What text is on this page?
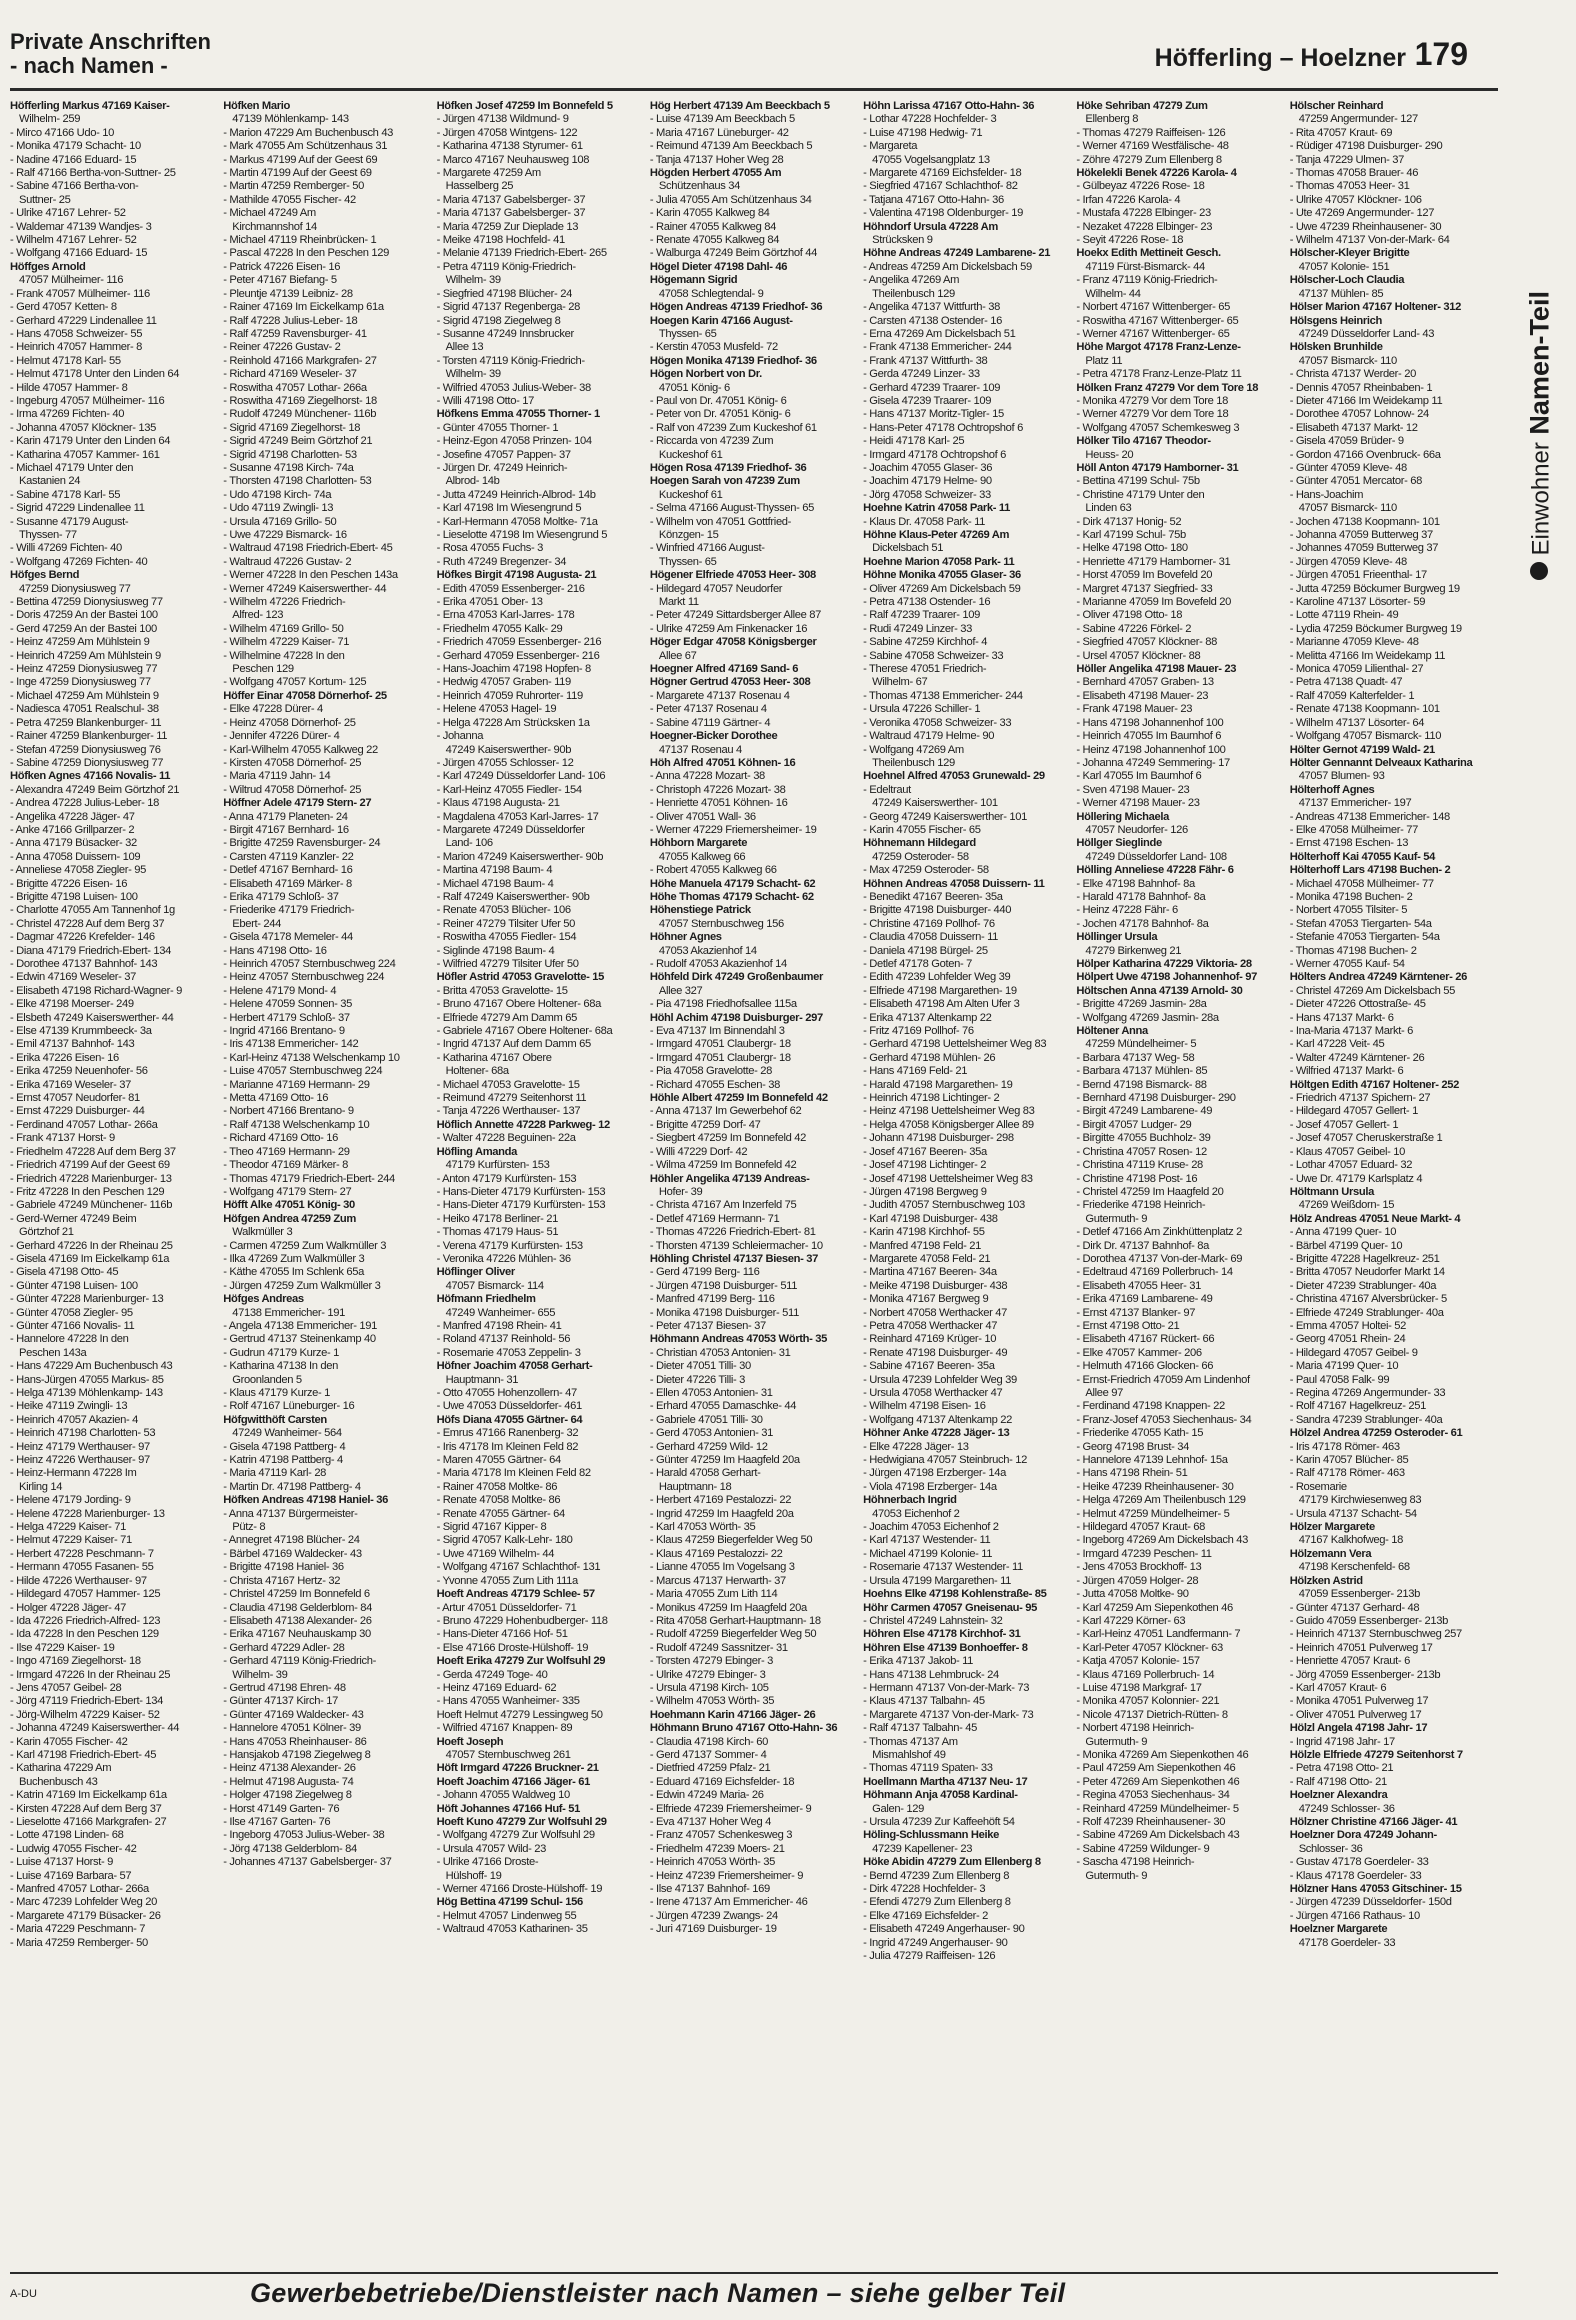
Private Anschriften
- nach Namen -	Höfferling – Hoelzner 179
Einwohner Namen-Teil
Höfferling Markus 47169 Kaiser-
Wilhelm- 259
- Mirco 47166 Udo- 10
- Monika 47179 Schacht- 10
- Nadine 47166 Eduard- 15
- Ralf 47166 Bertha-von-Suttner- 25
- Sabine 47166 Bertha-von-
Suttner- 25
- Ulrike 47167 Lehrer- 52
- Waldemar 47139 Wandjes- 3
- Wilhelm 47167 Lehrer- 52
- Wolfgang 47166 Eduard- 15
Höffges Arnold
47057 Mülheimer- 116
- Frank 47057 Mülheimer- 116
- Gerd 47057 Ketten- 8
- Gerhard 47229 Lindenallee 11
- Hans 47058 Schweizer- 55
- Heinrich 47057 Hammer- 8
- Helmut 47178 Karl- 55
- Helmut 47178 Unter den Linden 64
- Hilde 47057 Hammer- 8
- Ingeburg 47057 Mülheimer- 116
- Irma 47269 Fichten- 40
- Johanna 47057 Klöckner- 135
- Karin 47179 Unter den Linden 64
- Katharina 47057 Kammer- 161
- Michael 47179 Unter den
Kastanien 24
- Sabine 47178 Karl- 55
- Sigrid 47229 Lindenallee 11
- Susanne 47179 August-
Thyssen- 77
- Willi 47269 Fichten- 40
- Wolfgang 47269 Fichten- 40
Höfges Bernd
47259 Dionysiusweg 77
- Bettina 47259 Dionysiusweg 77
- Doris 47259 An der Bastei 100
- Gerd 47259 An der Bastei 100
- Heinz 47259 Am Mühlstein 9
- Heinrich 47259 Am Mühlstein 9
- Heinz 47259 Dionysiusweg 77
- Inge 47259 Dionysiusweg 77
- Michael 47259 Am Mühlstein 9
- Nadiesca 47051 Realschul- 38
- Petra 47259 Blankenburger- 11
- Rainer 47259 Blankenburger- 11
- Stefan 47259 Dionysiusweg 76
- Sabine 47259 Dionysiusweg 77
Höfken Agnes 47166 Novalis- 11
- Alexandra 47249 Beim Görtzhof 21
- Andrea 47228 Julius-Leber- 18
- Angelika 47228 Jäger- 47
- Anke 47166 Grillparzer- 2
- Anna 47179 Büsacker- 32
- Anna 47058 Duissern- 109
- Anneliese 47058 Ziegler- 95
- Brigitte 47226 Eisen- 16
- Brigitte 47198 Luisen- 100
- Charlotte 47055 Am Tannenhof 1g
- Christel 47228 Auf dem Berg 37
- Dagmar 47226 Krefelder- 146
- Diana 47179 Friedrich-Ebert- 134
- Dorothee 47137 Bahnhof- 143
- Edwin 47169 Weseler- 37
- Elisabeth 47198 Richard-Wagner- 9
- Elke 47198 Moerser- 249
- Elsbeth 47249 Kaiserswerther- 44
- Else 47139 Krummbeeck- 3a
- Emil 47137 Bahnhof- 143
- Erika 47226 Eisen- 16
- Erika 47259 Neuenhofer- 56
- Erika 47169 Weseler- 37
- Ernst 47057 Neudorfer- 81
- Ernst 47229 Duisburger- 44
- Ferdinand 47057 Lothar- 266a
- Frank 47137 Horst- 9
- Friedhelm 47228 Auf dem Berg 37
- Friedrich 47199 Auf der Geest 69
- Friedrich 47228 Marienburger- 13
- Fritz 47228 In den Peschen 129
- Gabriele 47249 Münchener- 116b
- Gerd-Werner 47249 Beim
Görtzhof 21
- Gerhard 47226 In der Rheinau 25
- Gisela 47169 Im Eickelkamp 61a
- Gisela 47198 Otto- 45
- Günter 47198 Luisen- 100
- Günter 47228 Marienburger- 13
- Günter 47058 Ziegler- 95
- Günter 47166 Novalis- 11
- Hannelore 47228 In den
Peschen 143a
- Hans 47229 Am Buchenbusch 43
- Hans-Jürgen 47055 Markus- 85
- Helga 47139 Möhlenkamp- 143
- Heike 47119 Zwingli- 13
- Heinrich 47057 Akazien- 4
- Heinrich 47198 Charlotten- 53
- Heinz 47179 Werthauser- 97
- Heinz 47226 Werthauser- 97
- Heinz-Hermann 47228 Im
Kirling 14
- Helene 47179 Jording- 9
- Helene 47228 Marienburger- 13
- Helga 47229 Kaiser- 71
- Helmut 47229 Kaiser- 71
- Herbert 47228 Peschmann- 7
- Hermann 47055 Fasanen- 55
- Hilde 47226 Werthauser- 97
- Hildegard 47057 Hammer- 125
- Holger 47228 Jäger- 47
- Ida 47226 Friedrich-Alfred- 123
- Ida 47228 In den Peschen 129
- Ilse 47229 Kaiser- 19
- Ingo 47169 Ziegelhorst- 18
- Irmgard 47226 In der Rheinau 25
- Jens 47057 Geibel- 28
- Jörg 47119 Friedrich-Ebert- 134
- Jörg-Wilhelm 47229 Kaiser- 52
- Johanna 47249 Kaiserswerther- 44
- Karin 47055 Fischer- 42
- Karl 47198 Friedrich-Ebert- 45
- Katharina 47229 Am
Buchenbusch 43
- Katrin 47169 Im Eickelkamp 61a
- Kirsten 47228 Auf dem Berg 37
- Lieselotte 47166 Markgrafen- 27
- Lotte 47198 Linden- 68
- Ludwig 47055 Fischer- 42
- Luise 47137 Horst- 9
- Luise 47169 Barbara- 57
- Manfred 47057 Lothar- 266a
- Marc 47239 Lohfelder Weg 20
- Margarete 47179 Büsacker- 26
- Maria 47229 Peschmann- 7
- Maria 47259 Remberger- 50
Höfken Mario
47139 Möhlenkamp- 143
- Marion 47229 Am Buchenbusch 43
- Mark 47055 Am Schützenhaus 31
- Markus 47199 Auf der Geest 69
- Martin 47199 Auf der Geest 69
- Martin 47259 Remberger- 50
- Mathilde 47055 Fischer- 42
- Michael 47249 Am
Kirchmannshof 14
- Michael 47119 Rheinbrücken- 1
- Pascal 47228 In den Peschen 129
- Patrick 47226 Eisen- 16
- Peter 47167 Biefang- 5
- Pleuntje 47139 Leibniz- 28
- Rainer 47169 Im Eickelkamp 61a
- Ralf 47228 Julius-Leber- 18
- Ralf 47259 Ravensburger- 41
- Reiner 47226 Gustav- 2
- Reinhold 47166 Markgrafen- 27
- Richard 47169 Weseler- 37
- Roswitha 47057 Lothar- 266a
- Roswitha 47169 Ziegelhorst- 18
- Rudolf 47249 Münchener- 116b
- Sigrid 47169 Ziegelhorst- 18
- Sigrid 47249 Beim Görtzhof 21
- Sigrid 47198 Charlotten- 53
- Susanne 47198 Kirch- 74a
- Thorsten 47198 Charlotten- 53
- Udo 47198 Kirch- 74a
- Udo 47119 Zwingli- 13
- Ursula 47169 Grillo- 50
- Uwe 47229 Bismarck- 16
- Waltraud 47198 Friedrich-Ebert- 45
- Waltraud 47226 Gustav- 2
- Werner 47228 In den Peschen 143a
- Werner 47249 Kaiserswerther- 44
- Wilhelm 47226 Friedrich-
Alfred- 123
- Wilhelm 47169 Grillo- 50
- Wilhelm 47229 Kaiser- 71
- Wilhelmine 47228 In den
Peschen 129
- Wolfgang 47057 Kortum- 125
Höffer Einar 47058 Dörnerhof- 25
- Elke 47228 Dürer- 4
- Heinz 47058 Dörnerhof- 25
- Jennifer 47226 Dürer- 4
- Karl-Wilhelm 47055 Kalkweg 22
- Kirsten 47058 Dörnerhof- 25
- Maria 47119 Jahn- 14
- Wiltrud 47058 Dörnerhof- 25
Höffner Adele 47179 Stern- 27
- Anna 47179 Planeten- 24
- Birgit 47167 Bernhard- 16
- Brigitte 47259 Ravensburger- 24
- Carsten 47119 Kanzler- 22
- Detlef 47167 Bernhard- 16
- Elisabeth 47169 Märker- 8
- Erika 47179 Schloß- 37
- Friederike 47179 Friedrich-
Ebert- 244
- Gisela 47178 Memeler- 44
- Hans 47198 Otto- 16
- Heinrich 47057 Sternbuschweg 224
- Heinz 47057 Sternbuschweg 224
- Helene 47179 Mond- 4
- Helene 47059 Sonnen- 35
- Herbert 47179 Schloß- 37
- Ingrid 47166 Brentano- 9
- Iris 47138 Emmericher- 142
- Karl-Heinz 47138 Welschenkamp 10
- Luise 47057 Sternbuschweg 224
- Marianne 47169 Hermann- 29
- Metta 47169 Otto- 16
- Norbert 47166 Brentano- 9
- Ralf 47138 Welschenkamp 10
- Richard 47169 Otto- 16
- Theo 47169 Hermann- 29
- Theodor 47169 Märker- 8
- Thomas 47179 Friedrich-Ebert- 244
- Wolfgang 47179 Stern- 27
Höfft Alke 47051 König- 30
Höfgen Andrea 47259 Zum
Walkmüller 3
- Carmen 47259 Zum Walkmüller 3
- Ilka 47269 Zum Walkmüller 3
- Käthe 47055 Im Schlenk 65a
- Jürgen 47259 Zum Walkmüller 3
Höfges Andreas
47138 Emmericher- 191
- Angela 47138 Emmericher- 191
- Gertrud 47137 Steinenkamp 40
- Gudrun 47179 Kurze- 1
- Katharina 47138 In den
Groonlanden 5
- Klaus 47179 Kurze- 1
- Rolf 47167 Lüneburger- 16
Höfgwitthöft Carsten
47249 Wanheimer- 564
- Gisela 47198 Pattberg- 4
- Katrin 47198 Pattberg- 4
- Maria 47119 Karl- 28
- Martin Dr. 47198 Pattberg- 4
Höfken Andreas 47198 Haniel- 36
- Anna 47137 Bürgermeister-
Pütz- 8
- Annegret 47198 Blücher- 24
- Bärbel 47169 Waldecker- 43
- Brigitte 47198 Haniel- 36
- Christa 47167 Hertz- 32
- Christel 47259 Im Bonnefeld 6
- Claudia 47198 Gelderblom- 84
- Elisabeth 47138 Alexander- 26
- Erika 47167 Neuhauskamp 30
- Gerhard 47229 Adler- 28
- Gerhard 47119 König-Friedrich-
Wilhelm- 39
- Gertrud 47198 Ehren- 48
- Günter 47137 Kirch- 17
- Günter 47169 Waldecker- 43
- Hannelore 47051 Kölner- 39
- Hans 47053 Rheinhauser- 86
- Hansjakob 47198 Ziegelweg 8
- Heinz 47138 Alexander- 26
- Helmut 47198 Augusta- 74
- Holger 47198 Ziegelweg 8
- Horst 47149 Garten- 76
- Ilse 47167 Garten- 76
- Ingeborg 47053 Julius-Weber- 38
- Jörg 47138 Gelderblom- 84
- Johannes 47137 Gabelsberger- 37
Höfken Josef 47259 Im Bonnefeld 5
- Jürgen 47138 Wildmund- 9
- Jürgen 47058 Wintgens- 122
- Katharina 47138 Styrumer- 61
- Marco 47167 Neuhausweg 108
- Margarete 47259 Am
Hasselberg 25
- Maria 47137 Gabelsberger- 37
- Maria 47137 Gabelsberger- 37
- Maria 47259 Zur Dieplade 13
- Meike 47198 Hochfeld- 41
- Melanie 47139 Friedrich-Ebert- 265
- Petra 47119 König-Friedrich-
Wilhelm- 39
- Siegfried 47198 Blücher- 24
- Sigrid 47137 Regenberga- 28
- Sigrid 47198 Ziegelweg 8
- Susanne 47249 Innsbrucker
Allee 13
- Torsten 47119 König-Friedrich-
Wilhelm- 39
- Wilfried 47053 Julius-Weber- 38
- Willi 47198 Otto- 17
Höfkens Emma 47055 Thorner- 1
- Günter 47055 Thorner- 1
- Heinz-Egon 47058 Prinzen- 104
- Josefine 47057 Pappen- 37
- Jürgen Dr. 47249 Heinrich-
Albrod- 14b
- Jutta 47249 Heinrich-Albrod- 14b
- Karl 47198 Im Wiesengrund 5
- Karl-Hermann 47058 Moltke- 71a
- Lieselotte 47198 Im Wiesengrund 5
- Rosa 47055 Fuchs- 3
- Ruth 47249 Bregenzer- 34
Höfkes Birgit 47198 Augusta- 21
- Edith 47059 Essenberger- 216
- Erika 47051 Ober- 13
- Erna 47053 Karl-Jarres- 178
- Friedhelm 47055 Kalk- 29
- Friedrich 47059 Essenberger- 216
- Gerhard 47059 Essenberger- 216
- Hans-Joachim 47198 Hopfen- 8
- Hedwig 47057 Graben- 119
- Heinrich 47059 Ruhrorter- 119
- Helene 47053 Hagel- 19
- Helga 47228 Am Strücksken 1a
- Johanna
47249 Kaiserswerther- 90b
- Jürgen 47055 Schlosser- 12
- Karl 47249 Düsseldorfer Land- 106
- Karl-Heinz 47055 Fiedler- 154
- Klaus 47198 Augusta- 21
- Magdalena 47053 Karl-Jarres- 17
- Margarete 47249 Düsseldorfer
Land- 106
- Marion 47249 Kaiserswerther- 90b
- Martina 47198 Baum- 4
- Michael 47198 Baum- 4
- Ralf 47249 Kaiserswerther- 90b
- Renate 47053 Blücher- 106
- Reiner 47279 Tilsiter Ufer 50
- Roswitha 47055 Fiedler- 154
- Siglinde 47198 Baum- 4
- Wilfried 47279 Tilsiter Ufer 50
Höfler Astrid 47053 Gravelotte- 15
- Britta 47053 Gravelotte- 15
- Bruno 47167 Obere Holtener- 68a
- Elfriede 47279 Am Damm 65
- Gabriele 47167 Obere Holtener- 68a
- Ingrid 47137 Auf dem Damm 65
- Katharina 47167 Obere
Holtener- 68a
- Michael 47053 Gravelotte- 15
- Reimund 47279 Seitenhorst 11
- Tanja 47226 Werthauser- 137
Höflich Annette 47228 Parkweg- 12
- Walter 47228 Beguinen- 22a
Höfling Amanda
47179 Kurfürsten- 153
- Anton 47179 Kurfürsten- 153
- Hans-Dieter 47179 Kurfürsten- 153
- Hans-Dieter 47179 Kurfürsten- 153
- Heiko 47178 Berliner- 21
- Thomas 47179 Haus- 51
- Verena 47179 Kurfürsten- 153
- Veronika 47226 Mühlen- 36
Höflinger Oliver
47057 Bismarck- 114
Höfmann Friedhelm
47249 Wanheimer- 655
- Manfred 47198 Rhein- 41
- Roland 47137 Reinhold- 56
- Rosemarie 47053 Zeppelin- 3
Höfner Joachim 47058 Gerhart-
Hauptmann- 31
- Otto 47055 Hohenzollern- 47
- Uwe 47053 Düsseldorfer- 461
Höfs Diana 47055 Gärtner- 64
- Emrus 47166 Ranenberg- 32
- Iris 47178 Im Kleinen Feld 82
- Maren 47055 Gärtner- 64
- Maria 47178 Im Kleinen Feld 82
- Rainer 47058 Moltke- 86
- Renate 47058 Moltke- 86
- Renate 47055 Gärtner- 64
- Sigrid 47167 Kipper- 8
- Sigrid 47057 Kalk-Lehr- 180
- Uwe 47169 Wilhelm- 44
- Wolfgang 47167 Schlachthof- 131
- Yvonne 47055 Zum Lith 111a
Hoeft Andreas 47179 Schlee- 57
- Artur 47051 Düsseldorfer- 71
- Bruno 47229 Hohenbudberger- 118
- Hans-Dieter 47166 Hof- 51
- Else 47166 Droste-Hülshoff- 19
Hoeft Erika 47279 Zur Wolfsuhl 29
- Gerda 47249 Toge- 40
- Heinz 47169 Eduard- 62
- Hans 47055 Wanheimer- 335
Hoeft Helmut 47279 Lessingweg 50
- Wilfried 47167 Knappen- 89
Hoeft Joseph
47057 Sternbuschweg 261
Höft Irmgard 47226 Bruckner- 21
Hoeft Joachim 47166 Jäger- 61
- Johann 47055 Waldweg 10
Höft Johannes 47166 Huf- 51
Hoeft Kuno 47279 Zur Wolfsuhl 29
- Wolfgang 47279 Zur Wolfsuhl 29
- Ursula 47057 Wild- 23
- Ulrike 47166 Droste-
Hülshoff- 19
- Werner 47166 Droste-Hülshoff- 19
Hög Bettina 47199 Schul- 156
- Helmut 47057 Lindenweg 55
- Waltraud 47053 Katharinen- 35
Hög Herbert 47139 Am Beeckbach 5
- Luise 47139 Am Beeckbach 5
- Maria 47167 Lüneburger- 42
- Reimund 47139 Am Beeckbach 5
- Tanja 47137 Hoher Weg 28
Högden Herbert 47055 Am
Schützenhaus 34
- Julia 47055 Am Schützenhaus 34
- Karin 47055 Kalkweg 84
- Rainer 47055 Kalkweg 84
- Renate 47055 Kalkweg 84
- Walburga 47249 Beim Görtzhof 44
Högel Dieter 47198 Dahl- 46
Högemann Sigrid
47058 Schlegtendal- 9
Högen Andreas 47139 Friedhof- 36
Hoegen Karin 47166 August-
Thyssen- 65
- Kerstin 47053 Musfeld- 72
Högen Monika 47139 Friedhof- 36
Högen Norbert von Dr.
47051 König- 6
- Paul von Dr. 47051 König- 6
- Peter von Dr. 47051 König- 6
- Ralf von 47239 Zum Kuckeshof 61
- Riccarda von 47239 Zum
Kuckeshof 61
Högen Rosa 47139 Friedhof- 36
Hoegen Sarah von 47239 Zum
Kuckeshof 61
- Selma 47166 August-Thyssen- 65
- Wilhelm von 47051 Gottfried-
Könzgen- 15
- Winfried 47166 August-
Thyssen- 65
Högener Elfriede 47053 Heer- 308
- Hildegard 47057 Neudorfer
Markt 11
- Peter 47249 Sittardsberger Allee 87
- Ulrike 47259 Am Finkenacker 16
Höger Edgar 47058 Königsberger
Allee 67
Hoegner Alfred 47169 Sand- 6
Högner Gertrud 47053 Heer- 308
- Margarete 47137 Rosenau 4
- Peter 47137 Rosenau 4
- Sabine 47119 Gärtner- 4
Hoegner-Bicker Dorothee
47137 Rosenau 4
Höh Alfred 47051 Köhnen- 16
- Anna 47228 Mozart- 38
- Christoph 47226 Mozart- 38
- Henriette 47051 Köhnen- 16
- Oliver 47051 Wall- 36
- Werner 47229 Friemersheimer- 19
Höhborn Margarete
47055 Kalkweg 66
- Robert 47055 Kalkweg 66
Höhe Manuela 47179 Schacht- 62
Höhe Thomas 47179 Schacht- 62
Höhenstiege Patrick
47057 Sternbuschweg 156
Höhner Agnes
47053 Akazienhof 14
- Rudolf 47053 Akazienhof 14
Höhfeld Dirk 47249 Großenbaumer
Allee 327
- Pia 47198 Friedhofsallee 115a
Höhl Achim 47198 Duisburger- 297
- Eva 47137 Im Binnendahl 3
- Irmgard 47051 Claubergr- 18
- Irmgard 47051 Claubergr- 18
- Pia 47058 Gravelotte- 28
- Richard 47055 Eschen- 38
Höhle Albert 47259 Im Bonnefeld 42
- Anna 47137 Im Gewerbehof 62
- Brigitte 47259 Dorf- 47
- Siegbert 47259 Im Bonnefeld 42
- Willi 47229 Dorf- 42
- Wilma 47259 Im Bonnefeld 42
Höhler Angelika 47139 Andreas-
Hofer- 39
- Christa 47167 Am Inzerfeld 75
- Detlef 47169 Hermann- 71
- Thomas 47226 Friedrich-Ebert- 81
- Thorsten 47139 Schleiermacher- 10
Höhling Christel 47137 Biesen- 37
- Gerd 47199 Berg- 116
- Jürgen 47198 Duisburger- 511
- Manfred 47199 Berg- 116
- Monika 47198 Duisburger- 511
- Peter 47137 Biesen- 37
Höhmann Andreas 47053 Wörth- 35
- Christian 47053 Antonien- 31
- Dieter 47051 Tilli- 30
- Dieter 47226 Tilli- 3
- Ellen 47053 Antonien- 31
- Erhard 47055 Damaschke- 44
- Gabriele 47051 Tilli- 30
- Gerd 47053 Antonien- 31
- Gerhard 47259 Wild- 12
- Günter 47259 Im Haagfeld 20a
- Harald 47058 Gerhart-
Hauptmann- 18
- Herbert 47169 Pestalozzi- 22
- Ingrid 47259 Im Haagfeld 20a
- Karl 47053 Wörth- 35
- Klaus 47259 Biegerfelder Weg 50
- Klaus 47169 Pestalozzi- 22
- Lianne 47055 Im Vogelsang 3
- Marcus 47137 Herwarth- 37
- Maria 47055 Zum Lith 114
- Monikus 47259 Im Haagfeld 20a
- Rita 47058 Gerhart-Hauptmann- 18
- Rudolf 47259 Biegerfelder Weg 50
- Rudolf 47249 Sassnitzer- 31
- Torsten 47279 Ebinger- 3
- Ulrike 47279 Ebinger- 3
- Ursula 47198 Kirch- 105
- Wilhelm 47053 Wörth- 35
Hoehmann Karin 47166 Jäger- 26
Höhmann Bruno 47167 Otto-Hahn- 36
- Claudia 47198 Kirch- 60
- Gerd 47137 Sommer- 4
- Dietfried 47259 Pfalz- 21
- Eduard 47169 Eichsfelder- 18
- Edwin 47249 Maria- 26
- Elfriede 47239 Friemersheimer- 9
- Eva 47137 Hoher Weg 4
- Franz 47057 Schenkesweg 3
- Friedhelm 47239 Moers- 21
- Heinrich 47053 Wörth- 35
- Heinz 47239 Friemersheimer- 9
- Ilse 47137 Bahnhof- 169
- Irene 47137 Am Emmericher- 46
- Jürgen 47239 Zwangs- 24
- Juri 47169 Duisburger- 19
Höhn Larissa 47167 Otto-Hahn- 36
- Lothar 47228 Hochfelder- 3
- Luise 47198 Hedwig- 71
- Margareta
47055 Vogelsangplatz 13
- Margarete 47169 Eichsfelder- 18
- Siegfried 47167 Schlachthof- 82
- Tatjana 47167 Otto-Hahn- 36
- Valentina 47198 Oldenburger- 19
Höhndorf Ursula 47228 Am
Strücksken 9
Höhne Andreas 47249 Lambarene- 21
- Andreas 47259 Am Dickelsbach 59
- Angelika 47269 Am
Theilenbusch 129
- Angelika 47137 Wittfurth- 38
- Carsten 47138 Ostender- 16
- Erna 47269 Am Dickelsbach 51
- Frank 47138 Emmericher- 244
- Frank 47137 Wittfurth- 38
- Gerda 47249 Linzer- 33
- Gerhard 47239 Traarer- 109
- Gisela 47239 Traarer- 109
- Hans 47137 Moritz-Tigler- 15
- Hans-Peter 47178 Ochtropshof 6
- Heidi 47178 Karl- 25
- Irmgard 47178 Ochtropshof 6
- Joachim 47055 Glaser- 36
- Joachim 47179 Helme- 90
- Jörg 47058 Schweizer- 33
Hoehne Katrin 47058 Park- 11
- Klaus Dr. 47058 Park- 11
Höhne Klaus-Peter 47269 Am
Dickelsbach 51
Hoehne Marion 47058 Park- 11
Höhne Monika 47055 Glaser- 36
- Oliver 47269 Am Dickelsbach 59
- Petra 47138 Ostender- 16
- Ralf 47239 Traarer- 109
- Rudi 47249 Linzer- 33
- Sabine 47259 Kirchhof- 4
- Sabine 47058 Schweizer- 33
- Therese 47051 Friedrich-
Wilhelm- 67
- Thomas 47138 Emmericher- 244
- Ursula 47226 Schiller- 1
- Veronika 47058 Schweizer- 33
- Waltraud 47179 Helme- 90
- Wolfgang 47269 Am
Theilenbusch 129
Hoehnel Alfred 47053 Grunewald- 29
- Edeltraut
47249 Kaiserswerther- 101
- Georg 47249 Kaiserswerther- 101
- Karin 47055 Fischer- 65
Höhnemann Hildegard
47259 Osteroder- 58
- Max 47259 Osteroder- 58
Höhnen Andreas 47058 Duissern- 11
- Benedikt 47167 Beeren- 35a
- Brigitte 47198 Duisburger- 440
- Christine 47169 Pollhof- 76
- Claudia 47058 Duissern- 11
- Daniela 47198 Bürgel- 25
- Detlef 47178 Goten- 7
- Edith 47239 Lohfelder Weg 39
- Elfriede 47198 Margarethen- 19
- Elisabeth 47198 Am Alten Ufer 3
- Erika 47137 Altenkamp 22
- Fritz 47169 Pollhof- 76
- Gerhard 47198 Uettelsheimer Weg 83
- Gerhard 47198 Mühlen- 26
- Hans 47169 Feld- 21
- Harald 47198 Margarethen- 19
- Heinrich 47198 Lichtinger- 2
- Heinz 47198 Uettelsheimer Weg 83
- Helga 47058 Königsberger Allee 89
- Johann 47198 Duisburger- 298
- Josef 47167 Beeren- 35a
- Josef 47198 Lichtinger- 2
- Josef 47198 Uettelsheimer Weg 83
- Jürgen 47198 Bergweg 9
- Judith 47057 Sternbuschweg 103
- Karl 47198 Duisburger- 438
- Karin 47198 Kirchhof- 55
- Manfred 47198 Feld- 21
- Margarete 47058 Feld- 21
- Martina 47167 Beeren- 34a
- Meike 47198 Duisburger- 438
- Monika 47167 Bergweg 9
- Norbert 47058 Werthacker 47
- Petra 47058 Werthacker 47
- Reinhard 47169 Krüger- 10
- Renate 47198 Duisburger- 49
- Sabine 47167 Beeren- 35a
- Ursula 47239 Lohfelder Weg 39
- Ursula 47058 Werthacker 47
- Wilhelm 47198 Eisen- 16
- Wolfgang 47137 Altenkamp 22
Höhner Anke 47228 Jäger- 13
- Elke 47228 Jäger- 13
- Hedwigiana 47057 Steinbruch- 12
- Jürgen 47198 Erzberger- 14a
- Viola 47198 Erzberger- 14a
Höhnerbach Ingrid
47053 Eichenhof 2
- Joachim 47053 Eichenhof 2
- Karl 47137 Westender- 11
- Michael 47199 Kolonie- 11
- Rosemarie 47137 Westender- 11
- Ursula 47199 Margarethen- 11
Hoehns Elke 47198 Kohlenstraße- 85
Höhr Carmen 47057 Gneisenau- 95
- Christel 47249 Lahnstein- 32
Höhren Else 47178 Kirchhof- 31
Höhren Else 47139 Bonhoeffer- 8
- Erika 47137 Jakob- 11
- Hans 47138 Lehmbruck- 24
- Hermann 47137 Von-der-Mark- 73
- Klaus 47137 Talbahn- 45
- Margarete 47137 Von-der-Mark- 73
- Ralf 47137 Talbahn- 45
- Thomas 47137 Am
Mismahlshof 49
- Thomas 47119 Spaten- 33
Hoellmann Martha 47137 Neu- 17
Höhmann Anja 47058 Kardinal-
Galen- 129
- Ursula 47239 Zur Kaffeehöft 54
Höling-Schlussmann Heike
47239 Kapellener- 23
Höke Abidin 47279 Zum Ellenberg 8
- Bernd 47239 Zum Ellenberg 8
- Dirk 47228 Hochfelder- 3
- Efendi 47279 Zum Ellenberg 8
- Elke 47169 Eichsfelder- 2
- Elisabeth 47249 Angerhauser- 90
- Ingrid 47249 Angerhauser- 90
- Julia 47279 Raiffeisen- 126
Höke Sehriban 47279 Zum
Ellenberg 8
- Thomas 47279 Raiffeisen- 126
- Werner 47169 Westfälische- 48
- Zöhre 47279 Zum Ellenberg 8
Hökelekli Benek 47226 Karola- 4
- Gülbeyaz 47226 Rose- 18
- Irfan 47226 Karola- 4
- Mustafa 47228 Elbinger- 23
- Nezaket 47228 Elbinger- 23
- Seyit 47226 Rose- 18
Hoekx Edith Mettineit Gesch.
47119 Fürst-Bismarck- 44
- Franz 47119 König-Friedrich-
Wilhelm- 44
- Norbert 47167 Wittenberger- 65
- Roswitha 47167 Wittenberger- 65
- Werner 47167 Wittenberger- 65
Höhe Margot 47178 Franz-Lenze-
Platz 11
- Petra 47178 Franz-Lenze-Platz 11
Hölken Franz 47279 Vor dem Tore 18
- Monika 47279 Vor dem Tore 18
- Werner 47279 Vor dem Tore 18
- Wolfgang 47057 Schemkesweg 3
Hölker Tilo 47167 Theodor-
Heuss- 20
Höll Anton 47179 Hamborner- 31
- Bettina 47199 Schul- 75b
- Christine 47179 Unter den
Linden 63
- Dirk 47137 Honig- 52
- Karl 47199 Schul- 75b
- Helke 47198 Otto- 180
- Henriette 47179 Hamborner- 31
- Horst 47059 Im Bovefeld 20
- Margret 47137 Siegfried- 33
- Marianne 47059 Im Bovefeld 20
- Oliver 47198 Otto- 18
- Sabine 47226 Förkel- 2
- Siegfried 47057 Klöckner- 88
- Ursel 47057 Klöckner- 88
Höller Angelika 47198 Mauer- 23
- Bernhard 47057 Graben- 13
- Elisabeth 47198 Mauer- 23
- Frank 47198 Mauer- 23
- Hans 47198 Johannenhof 100
- Heinrich 47055 Im Baumhof 6
- Heinz 47198 Johannenhof 100
- Johanna 47249 Semmering- 17
- Karl 47055 Im Baumhof 6
- Sven 47198 Mauer- 23
- Werner 47198 Mauer- 23
Höllering Michaela
47057 Neudorfer- 126
Höllger Sieglinde
47249 Düsseldorfer Land- 108
Hölling Anneliese 47228 Fähr- 6
- Elke 47198 Bahnhof- 8a
- Harald 47178 Bahnhof- 8a
- Heinz 47228 Fähr- 6
- Jochen 47178 Bahnhof- 8a
Höllinger Ursula
47279 Birkenweg 21
Hölper Katharina 47229 Viktoria- 28
Hölpert Uwe 47198 Johannenhof- 97
Höltschen Anna 47139 Arnold- 30
- Brigitte 47269 Jasmin- 28a
- Wolfgang 47269 Jasmin- 28a
Höltener Anna
47259 Mündelheimer- 5
- Barbara 47137 Weg- 58
- Barbara 47137 Mühlen- 85
- Bernd 47198 Bismarck- 88
- Bernhard 47198 Duisburger- 290
- Birgit 47249 Lambarene- 49
- Birgit 47057 Ludger- 29
- Birgitte 47055 Buchholz- 39
- Christina 47057 Rosen- 12
- Christina 47119 Kruse- 28
- Christine 47198 Post- 16
- Christel 47259 Im Haagfeld 20
- Friederike 47198 Heinrich-
Gutermuth- 9
- Detlef 47166 Am Zinkhüttenplatz 2
- Dirk Dr. 47137 Bahnhof- 8a
- Dorothea 47137 Von-der-Mark- 69
- Edeltraud 47169 Pollerbruch- 14
- Elisabeth 47055 Heer- 31
- Erika 47169 Lambarene- 49
- Ernst 47137 Blanker- 97
- Ernst 47198 Otto- 21
- Elisabeth 47167 Rückert- 66
- Elke 47057 Kammer- 206
- Helmuth 47166 Glocken- 66
- Ernst-Friedrich 47059 Am Lindenhof
Allee 97
- Ferdinand 47198 Knappen- 22
- Franz-Josef 47053 Siechenhaus- 34
- Friederike 47055 Kath- 15
- Georg 47198 Brust- 34
- Hannelore 47139 Lehnhof- 15a
- Hans 47198 Rhein- 51
- Heike 47239 Rheinhausener- 30
- Helga 47269 Am Theilenbusch 129
- Helmut 47259 Mündelheimer- 5
- Hildegard 47057 Kraut- 68
- Ingeborg 47269 Am Dickelsbach 43
- Irmgard 47239 Peschen- 11
- Jens 47053 Brockhoff- 13
- Jürgen 47059 Holger- 28
- Jutta 47058 Moltke- 90
- Karl 47259 Am Siepenkothen 46
- Karl 47229 Körner- 63
- Karl-Heinz 47051 Landfermann- 7
- Karl-Peter 47057 Klöckner- 63
- Katja 47057 Kolonie- 157
- Klaus 47169 Pollerbruch- 14
- Luise 47198 Markgraf- 17
- Monika 47057 Kolonnier- 221
- Nicole 47137 Dietrich-Rütten- 8
- Norbert 47198 Heinrich-
Gutermuth- 9
- Monika 47269 Am Siepenkothen 46
- Paul 47259 Am Siepenkothen 46
- Peter 47269 Am Siepenkothen 46
- Regina 47053 Siechenhaus- 34
- Reinhard 47259 Mündelheimer- 5
- Rolf 47239 Rheinhausener- 30
- Sabine 47269 Am Dickelsbach 43
- Sabine 47259 Wildunger- 9
- Sascha 47198 Heinrich-
Gutermuth- 9
Hölscher Reinhard
47259 Angermunder- 127
- Rita 47057 Kraut- 69
- Rüdiger 47198 Duisburger- 290
- Tanja 47229 Ulmen- 37
- Thomas 47058 Brauer- 46
- Thomas 47053 Heer- 31
- Ulrike 47057 Klöckner- 106
- Ute 47269 Angermunder- 127
- Uwe 47239 Rheinhausener- 30
- Wilhelm 47137 Von-der-Mark- 64
Hölscher-Kleyer Brigitte
47057 Kolonie- 151
Hölscher-Loch Claudia
47137 Mühlen- 85
Hölser Marion 47167 Holtener- 312
Hölsgens Heinrich
47249 Düsseldorfer Land- 43
Hölsken Brunhilde
47057 Bismarck- 110
- Christa 47137 Werder- 20
- Dennis 47057 Rheinbaben- 1
- Dieter 47166 Im Weidekamp 11
- Dorothee 47057 Lohnow- 24
- Elisabeth 47137 Markt- 12
- Gisela 47059 Brüder- 9
- Gordon 47166 Ovenbruck- 66a
- Günter 47059 Kleve- 48
- Günter 47051 Mercator- 68
- Hans-Joachim
47057 Bismarck- 110
- Jochen 47138 Koopmann- 101
- Johanna 47059 Butterweg 37
- Johannes 47059 Butterweg 37
- Jürgen 47059 Kleve- 48
- Jürgen 47051 Frieenthal- 17
- Jutta 47259 Böckumer Burgweg 19
- Karoline 47137 Lösorter- 59
- Lotte 47119 Rhein- 49
- Lydia 47259 Böckumer Burgweg 19
- Marianne 47059 Kleve- 48
- Melitta 47166 Im Weidekamp 11
- Monica 47059 Lilienthal- 27
- Petra 47138 Quadt- 47
- Ralf 47059 Kalterfelder- 1
- Renate 47138 Koopmann- 101
- Wilhelm 47137 Lösorter- 64
- Wolfgang 47057 Bismarck- 110
Hölter Gernot 47199 Wald- 21
Hölter Gennannt Delveaux Katharina
47057 Blumen- 93
Hölterhoff Agnes
47137 Emmericher- 197
- Andreas 47138 Emmericher- 148
- Elke 47058 Mülheimer- 77
- Ernst 47198 Eschen- 13
Hölterhoff Kai 47055 Kauf- 54
Hölterhoff Lars 47198 Buchen- 2
- Michael 47058 Mülheimer- 77
- Monika 47198 Buchen- 2
- Norbert 47055 Tilsiter- 5
- Stefan 47053 Tiergarten- 54a
- Stefanie 47053 Tiergarten- 54a
- Thomas 47198 Buchen- 2
- Werner 47055 Kauf- 54
Hölters Andrea 47249 Kärntener- 26
- Christel 47269 Am Dickelsbach 55
- Dieter 47226 Ottostraße- 45
- Hans 47137 Markt- 6
- Ina-Maria 47137 Markt- 6
- Karl 47228 Veit- 45
- Walter 47249 Kärntener- 26
- Wilfried 47137 Markt- 6
Höltgen Edith 47167 Holtener- 252
- Friedrich 47137 Spichern- 27
- Hildegard 47057 Gellert- 1
- Josef 47057 Gellert- 1
- Josef 47057 Cheruskerstraße 1
- Klaus 47057 Geibel- 10
- Lothar 47057 Eduard- 32
- Uwe Dr. 47179 Karlsplatz 4
Höltmann Ursula
47269 Weißdorn- 15
Hölz Andreas 47051 Neue Markt- 4
- Anna 47199 Quer- 10
- Bärbel 47199 Quer- 10
- Brigitte 47228 Hagelkreuz- 251
- Britta 47057 Neudorfer Markt 14
- Dieter 47239 Strablunger- 40a
- Christina 47167 Alversbrücker- 5
- Elfriede 47249 Strablunger- 40a
- Emma 47057 Holtei- 52
- Georg 47051 Rhein- 24
- Hildegard 47057 Geibel- 9
- Maria 47199 Quer- 10
- Paul 47058 Falk- 99
- Regina 47269 Angermunder- 33
- Rolf 47167 Hagelkreuz- 251
- Sandra 47239 Strablunger- 40a
Hölzel Andrea 47259 Osteroder- 61
- Iris 47178 Römer- 463
- Karin 47057 Blücher- 85
- Ralf 47178 Römer- 463
- Rosemarie
47179 Kirchwiesenweg 83
- Ursula 47137 Schacht- 54
Hölzer Margarete
47167 Kalkhofweg- 18
Hölzemann Vera
47198 Kerschenfeld- 68
Hölzken Astrid
47059 Essenberger- 213b
- Günter 47137 Gerhard- 48
- Guido 47059 Essenberger- 213b
- Heinrich 47137 Sternbuschweg 257
- Heinrich 47051 Pulverweg 17
- Henriette 47057 Kraut- 6
- Jörg 47059 Essenberger- 213b
- Karl 47057 Kraut- 6
- Monika 47051 Pulverweg 17
- Oliver 47051 Pulverweg 17
Hölzl Angela 47198 Jahr- 17
- Ingrid 47198 Jahr- 17
Hölzle Elfriede 47279 Seitenhorst 7
- Petra 47198 Otto- 21
- Ralf 47198 Otto- 21
Hoelzner Alexandra
47249 Schlosser- 36
Hölzner Christine 47166 Jäger- 41
Hoelzner Dora 47249 Johann-
Schlosser- 36
- Gustav 47178 Goerdeler- 33
- Klaus 47178 Goerdeler- 33
Hölzner Hans 47053 Gitschiner- 15
- Jürgen 47239 Düsseldorfer- 150d
- Jürgen 47166 Rathaus- 10
Hoelzner Margarete
47178 Goerdeler- 33
A-DU	Gewerbebetriebe/Dienstleister nach Namen – siehe gelber Teil
